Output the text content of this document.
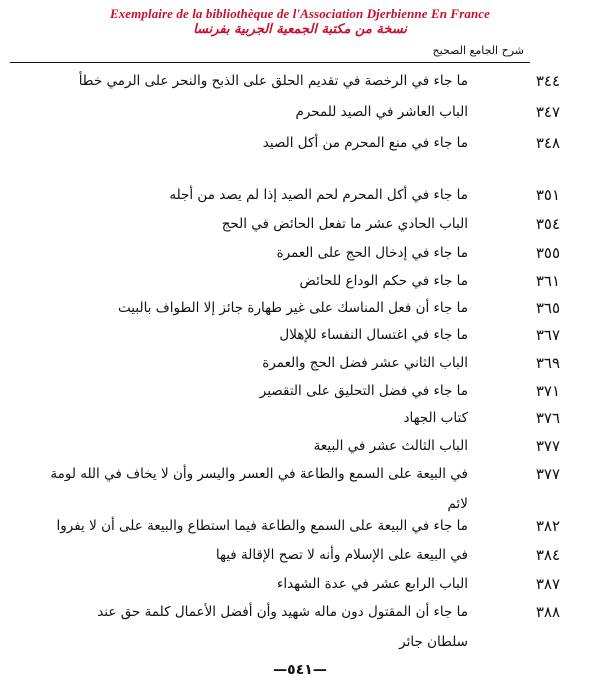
Exemplaire de la bibliothèque de l'Association Djerbienne En France
نسخة من مكتبة الجمعية الجربية بفرنسا
شرح الجامع الصحيح
٣٤٤
ما جاء في الرخصة في تقديم الحلق على الذبح والنحر على الرمي خطأ
٣٤٧
الباب العاشر في الصيد للمحرم
٣٤٨
ما جاء في منع المحرم من أكل الصيد
٣٥١
ما جاء في أكل المحرم لحم الصيد إذا لم يصد من أجله
٣٥٤
الباب الحادي عشر ما تفعل الحائض في الحج
٣٥٥
ما جاء في إدخال الحج على العمرة
٣٦١
ما جاء في حكم الوداع للحائض
٣٦٥
ما جاء أن فعل المناسك على غير طهارة جائز إلا الطواف بالبيت
٣٦٧
ما جاء في اغتسال النفساء للإهلال
٣٦٩
الباب الثاني عشر فضل الحج والعمرة
٣٧١
ما جاء في فضل التحليق على التقصير
٣٧٦
كتاب الجهاد
٣٧٧
الباب الثالث عشر في البيعة
٣٧٧
في البيعة على السمع والطاعة في العسر واليسر وأن لا يخاف في الله لومة
لائم
٣٨٢
ما جاء في البيعة على السمع والطاعة فيما استطاع والبيعة على أن لا يفروا
٣٨٤
في البيعة على الإسلام وأنه لا تصح الإقالة فيها
٣٨٧
الباب الرابع عشر في عدة الشهداء
٣٨٨
ما جاء أن المقتول دون ماله شهيد وأن أفضل الأعمال كلمة حق عند
سلطان جائر
—٥٤١—
